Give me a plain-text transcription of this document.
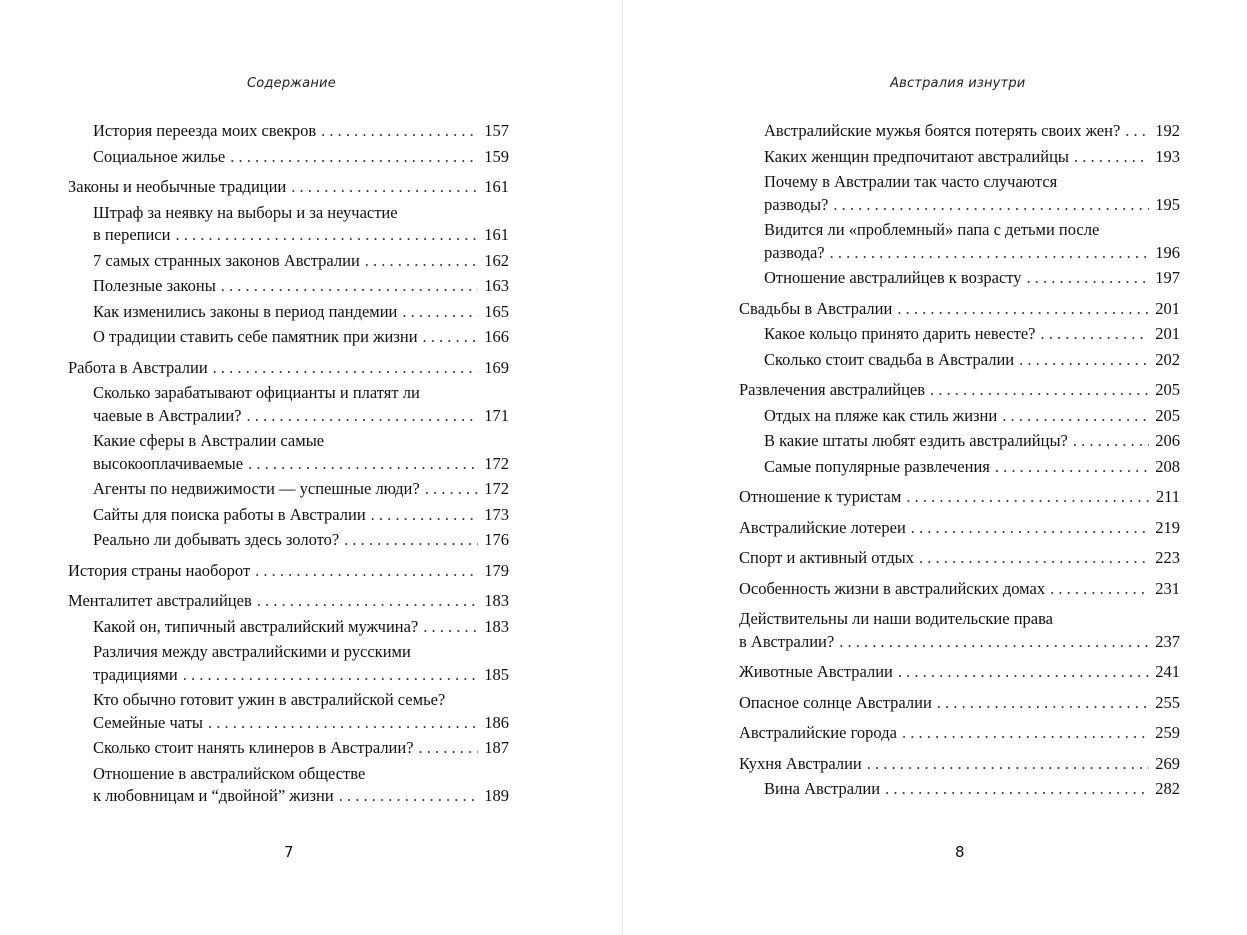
Содержание
История переезда моих свекров . . .	157
Социальное жилье . . .	159
Законы и необычные традиции . . .	161
Штраф за неявку на выборы и за неучастие
в переписи . . .	161
7 самых странных законов Австралии . . .	162
Полезные законы . . .	163
Как изменились законы в период пандемии . . .	165
О традиции ставить себе памятник при жизни . . .	166
Работа в Австралии . . .	169
Сколько зарабатывают официанты и платят ли
чаевые в Австралии? . . .	171
Какие сферы в Австралии самые
высокооплачиваемые . . .	172
Агенты по недвижимости — успешные люди? . . .	172
Сайты для поиска работы в Австралии . . .	173
Реально ли добывать здесь золото? . . .	176
История страны наоборот . . .	179
Менталитет австралийцев . . .	183
Какой он, типичный австралийский мужчина? . . .	183
Различия между австралийскими и русскими
традициями . . .	185
Кто обычно готовит ужин в австралийской семье?
Семейные чаты . . .	186
Сколько стоит нанять клинеров в Австралии? . . .	187
Отношение в австралийском обществе
к любовницам и “двойной” жизни . . .	189
7
Австралия изнутри
Австралийские мужья боятся потерять своих жен? . . . 192
Каких женщин предпочитают австралийцы . . .	193
Почему в Австралии так часто случаются
разводы? . . .	195
Видится ли «проблемный» папа с детьми после
развода? . . .	196
Отношение австралийцев к возрасту . . .	197
Свадьбы в Австралии . . .	201
Какое кольцо принято дарить невесте? . . .	201
Сколько стоит свадьба в Австралии . . .	202
Развлечения австралийцев . . .	205
Отдых на пляже как стиль жизни . . .	205
В какие штаты любят ездить австралийцы? . . .	206
Самые популярные развлечения . . .	208
Отношение к туристам . . .	211
Австралийские лотереи . . .	219
Спорт и активный отдых . . .	223
Особенность жизни в австралийских домах . . .	231
Действительны ли наши водительские права
в Австралии? . . .	237
Животные Австралии . . .	241
Опасное солнце Австралии . . .	255
Австралийские города . . .	259
Кухня Австралии . . .	269
Вина Австралии . . .	282
8
